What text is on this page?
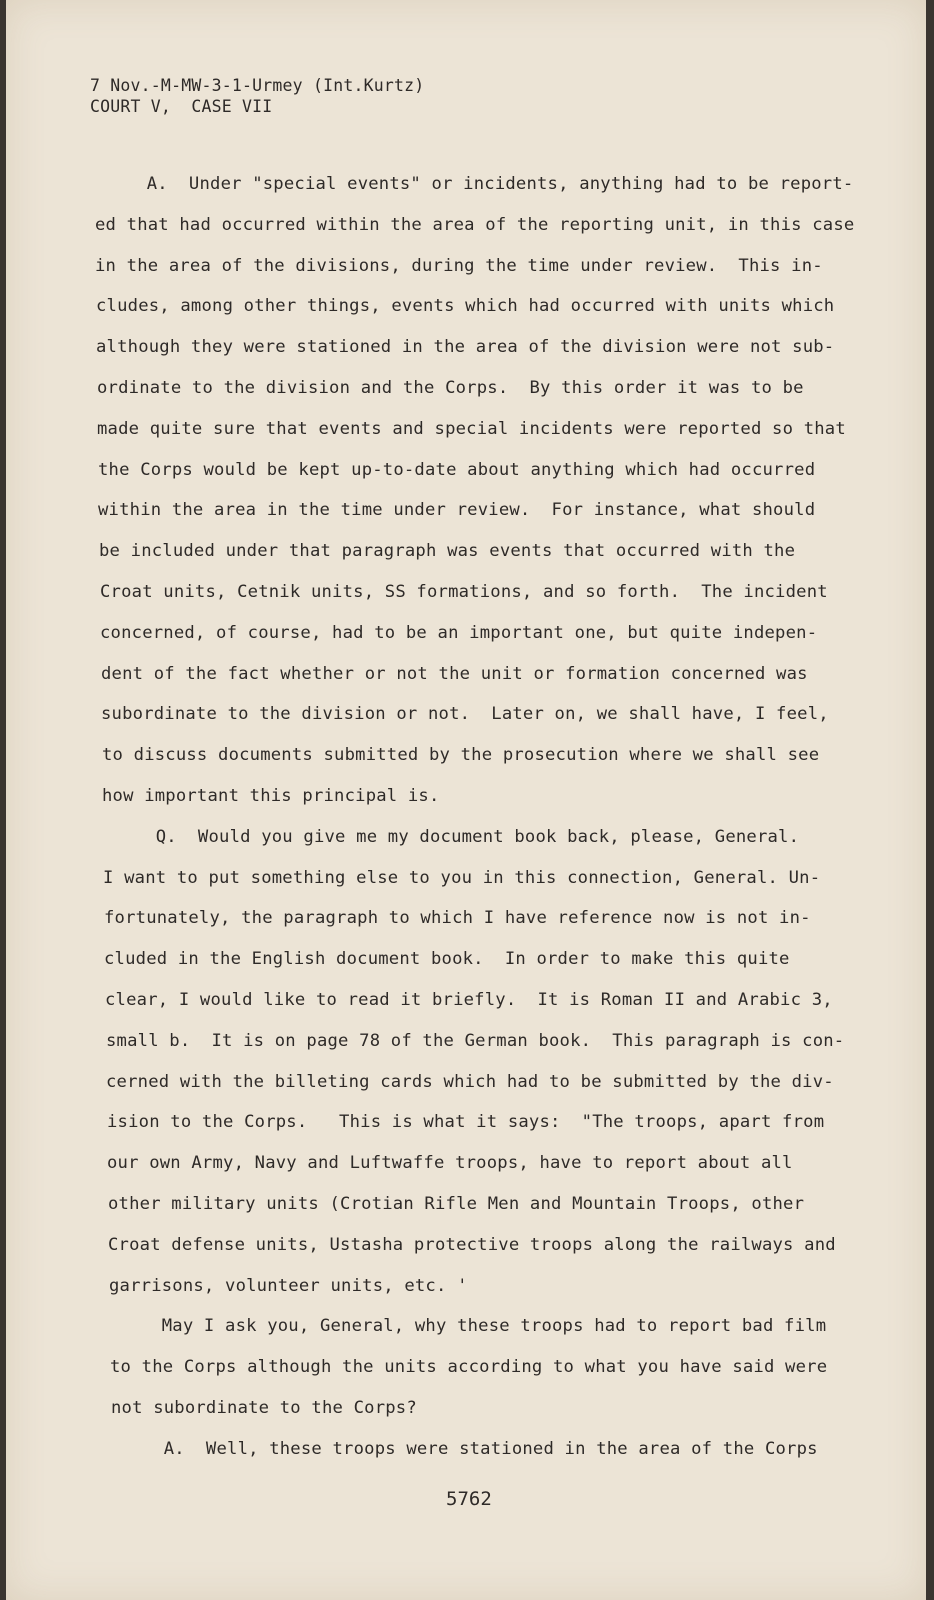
7 Nov.-M-MW-3-1-Urmey (Int.Kurtz)
COURT V,  CASE VII
A.  Under "special events" or incidents, anything had to be report-
ed that had occurred within the area of the reporting unit, in this case
in the area of the divisions, during the time under review.  This in-
cludes, among other things, events which had occurred with units which
although they were stationed in the area of the division were not sub-
ordinate to the division and the Corps.  By this order it was to be
made quite sure that events and special incidents were reported so that
the Corps would be kept up-to-date about anything which had occurred
within the area in the time under review.  For instance, what should
be included under that paragraph was events that occurred with the
Croat units, Cetnik units, SS formations, and so forth.  The incident
concerned, of course, had to be an important one, but quite indepen-
dent of the fact whether or not the unit or formation concerned was
subordinate to the division or not.  Later on, we shall have, I feel,
to discuss documents submitted by the prosecution where we shall see
how important this principal is.
Q.  Would you give me my document book back, please, General.
I want to put something else to you in this connection, General. Un-
fortunately, the paragraph to which I have reference now is not in-
cluded in the English document book.  In order to make this quite
clear, I would like to read it briefly.  It is Roman II and Arabic 3,
small b.  It is on page 78 of the German book.  This paragraph is con-
cerned with the billeting cards which had to be submitted by the div-
ision to the Corps.   This is what it says:  "The troops, apart from
our own Army, Navy and Luftwaffe troops, have to report about all
other military units (Crotian Rifle Men and Mountain Troops, other
Croat defense units, Ustasha protective troops along the railways and
garrisons, volunteer units, etc. '
May I ask you, General, why these troops had to report bad film
to the Corps although the units according to what you have said were
not subordinate to the Corps?
A.  Well, these troops were stationed in the area of the Corps
5762
